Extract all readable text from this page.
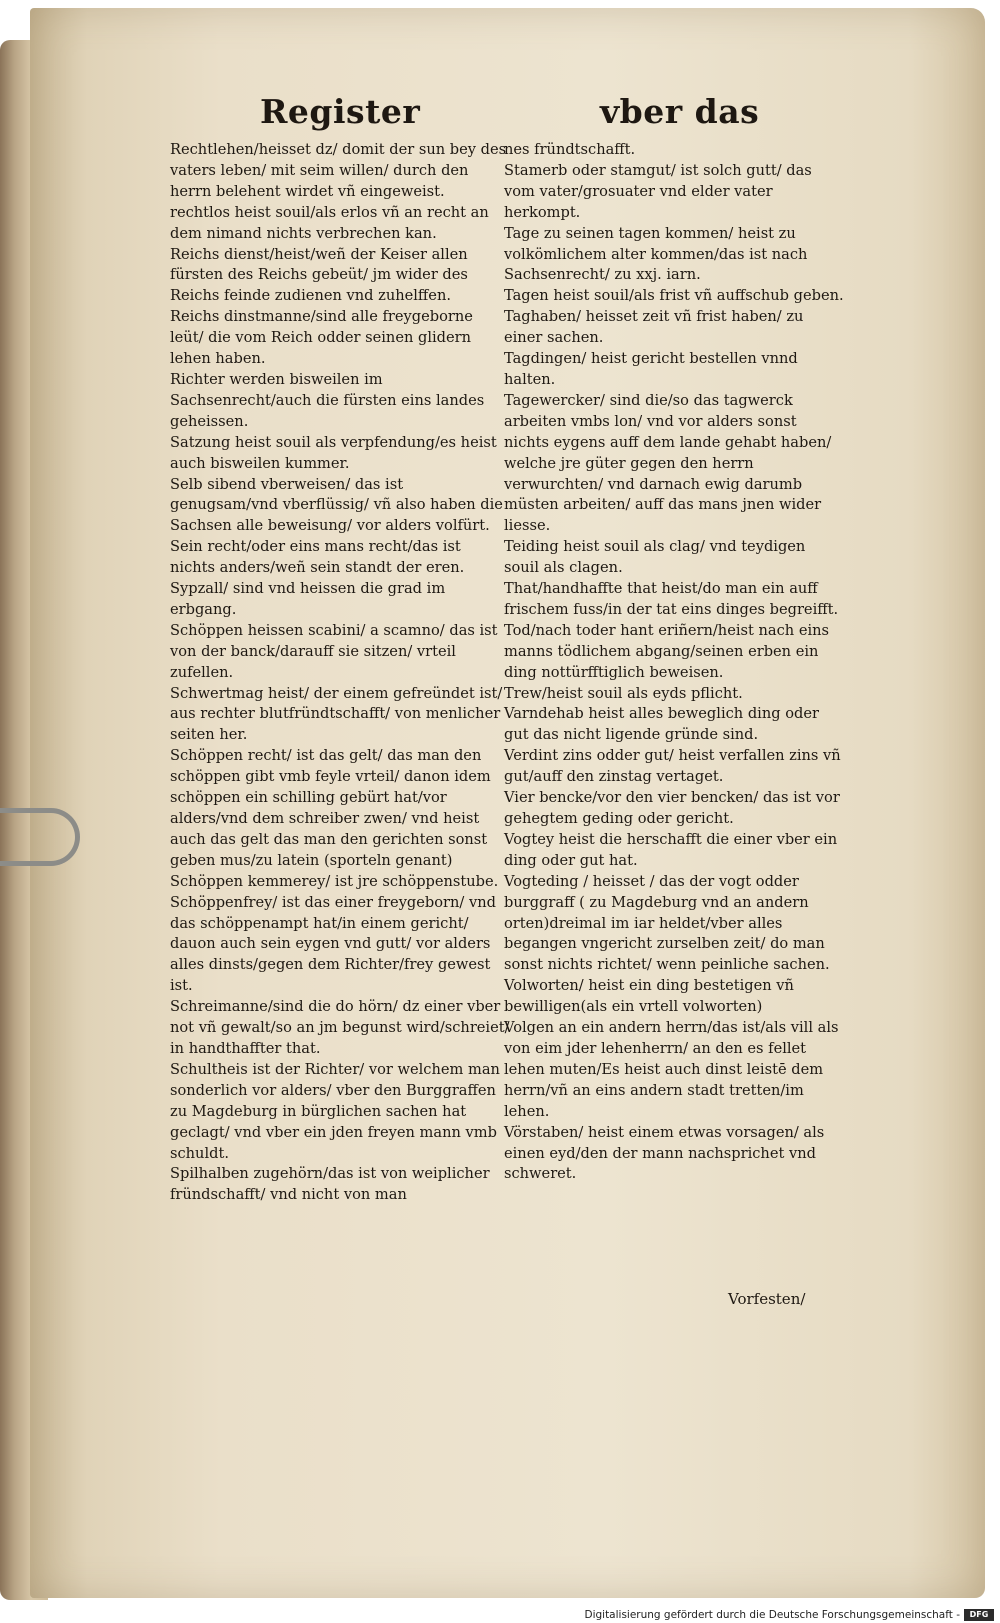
Register	vber das

Rechtlehen/heisset dz/ domit der sun bey des vaters leben/ mit seim willen/ durch den herrn belehent wirdet vñ eingeweist.

rechtlos heist souil/als erlos vñ an recht an dem nimand nichts verbrechen kan.

Reichs dienst/heist/weñ der Keiser allen fürsten des Reichs gebeüt/ jm wider des Reichs feinde zudienen vnd zuhelffen.

Reichs dinstmanne/sind alle freygeborne leüt/ die vom Reich odder seinen glidern lehen haben.

Richter werden bisweilen im Sachsenrecht/auch die fürsten eins landes geheissen.

Satzung heist souil als verpfendung/es heist auch bisweilen kummer.

Selb sibend vberweisen/ das ist genugsam/vnd vberflüssig/ vñ also haben die Sachsen alle beweisung/ vor alders volfürt.

Sein recht/oder eins mans recht/das ist nichts anders/weñ sein standt der eren.

Sypzall/ sind vnd heissen die grad im erbgang.

Schöppen heissen scabini/ a scamno/ das ist von der banck/darauff sie sitzen/ vrteil zufellen.

Schwertmag heist/ der einem gefreündet ist/ aus rechter blutfründtschafft/ von menlicher seiten her.

Schöppen recht/ ist das gelt/ das man den schöppen gibt vmb feyle vrteil/ danon idem schöppen ein schilling gebürt hat/vor alders/vnd dem schreiber zwen/ vnd heist auch das gelt das man den gerichten sonst geben mus/zu latein (sporteln genant)

Schöppen kemmerey/ ist jre schöppenstube.

Schöppenfrey/ ist das einer freygeborn/ vnd das schöppenampt hat/in einem gericht/ dauon auch sein eygen vnd gutt/ vor alders alles dinsts/gegen dem Richter/frey gewest ist.

Schreimanne/sind die do hörn/ dz einer vber not vñ gewalt/so an jm begunst wird/schreiet/ in handthaffter that.

Schultheis ist der Richter/ vor welchem man sonderlich vor alders/ vber den Burggraffen zu Magdeburg in bürglichen sachen hat geclagt/ vnd vber ein jden freyen mann vmb schuldt.

Spilhalben zugehörn/das ist von weiplicher fründschafft/ vnd nicht von man

nes fründtschafft.

Stamerb oder stamgut/ ist solch gutt/ das vom vater/grosuater vnd elder vater herkompt.

Tage zu seinen tagen kommen/ heist zu volkömlichem alter kommen/das ist nach Sachsenrecht/ zu xxj. iarn.

Tagen heist souil/als frist vñ auffschub geben.

Taghaben/ heisset zeit vñ frist haben/ zu einer sachen.

Tagdingen/ heist gericht bestellen vnnd halten.

Tagewercker/ sind die/so das tagwerck arbeiten vmbs lon/ vnd vor alders sonst nichts eygens auff dem lande gehabt haben/ welche jre güter gegen den herrn verwurchten/ vnd darnach ewig darumb müsten arbeiten/ auff das mans jnen wider liesse.

Teiding heist souil als clag/ vnd teydigen souil als clagen.

That/handhaffte that heist/do man ein auff frischem fuss/in der tat eins dinges begreifft.

Tod/nach toder hant eriñern/heist nach eins manns tödlichem abgang/seinen erben ein ding nottürfftiglich beweisen.

Trew/heist souil als eyds pflicht.

Varndehab heist alles beweglich ding oder gut das nicht ligende gründe sind.

Verdint zins odder gut/ heist verfallen zins vñ gut/auff den zinstag vertaget.

Vier bencke/vor den vier bencken/ das ist vor gehegtem geding oder gericht.

Vogtey heist die herschafft die einer vber ein ding oder gut hat.

Vogteding / heisset / das der vogt odder burggraff ( zu Magdeburg vnd an andern orten)dreimal im iar heldet/vber alles begangen vngericht zurselben zeit/ do man sonst nichts richtet/ wenn peinliche sachen.

Volworten/ heist ein ding bestetigen vñ bewilligen(als ein vrtell volworten)

Volgen an ein andern herrn/das ist/als vill als von eim jder lehenherrn/ an den es fellet lehen muten/Es heist auch dinst leistē dem herrn/vñ an eins andern stadt tretten/im lehen.

Vörstaben/ heist einem etwas vorsagen/ als einen eyd/den der mann nachsprichet vnd schweret.

Vorfesten/
Digitalisierung gefördert durch die Deutsche Forschungsgemeinschaft -	DFG
